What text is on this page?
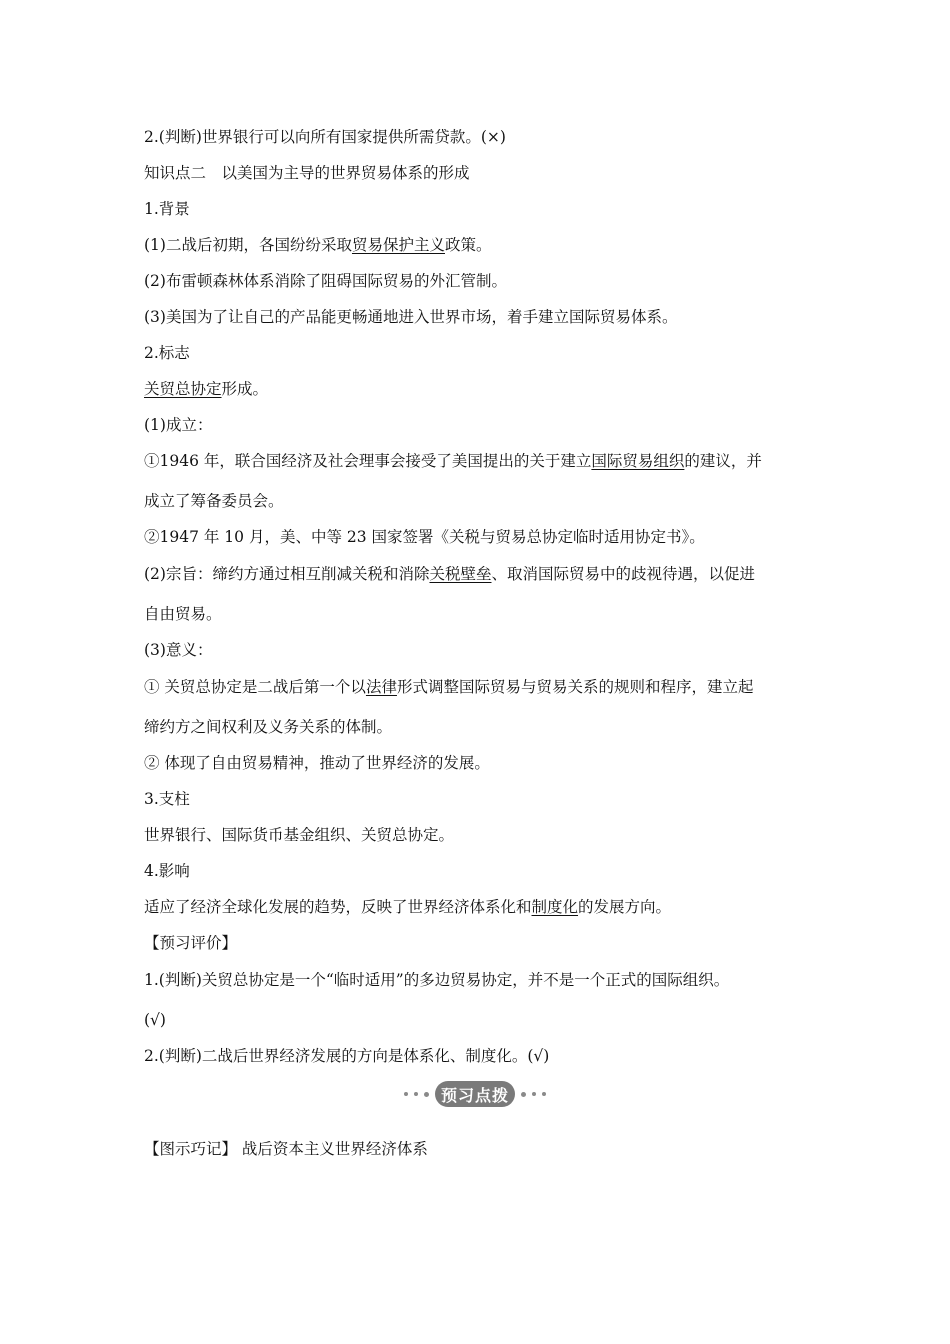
2.(判断)世界银行可以向所有国家提供所需贷款。(×)
知识点二　以美国为主导的世界贸易体系的形成
1.背景
(1)二战后初期，各国纷纷采取贸易保护主义政策。
(2)布雷顿森林体系消除了阻碍国际贸易的外汇管制。
(3)美国为了让自己的产品能更畅通地进入世界市场，着手建立国际贸易体系。
2.标志
关贸总协定形成。
(1)成立：
①1946 年，联合国经济及社会理事会接受了美国提出的关于建立国际贸易组织的建议，并
成立了筹备委员会。
②1947 年 10 月，美、中等 23 国家签署《关税与贸易总协定临时适用协定书》。
(2)宗旨：缔约方通过相互削减关税和消除关税壁垒、取消国际贸易中的歧视待遇，以促进
自由贸易。
(3)意义：
① 关贸总协定是二战后第一个以法律形式调整国际贸易与贸易关系的规则和程序，建立起
缔约方之间权利及义务关系的体制。
② 体现了自由贸易精神，推动了世界经济的发展。
3.支柱
世界银行、国际货币基金组织、关贸总协定。
4.影响
适应了经济全球化发展的趋势，反映了世界经济体系化和制度化的发展方向。
【预习评价】
1.(判断)关贸总协定是一个“临时适用”的多边贸易协定，并不是一个正式的国际组织。
(√)
2.(判断)二战后世界经济发展的方向是体系化、制度化。(√)
预习点拨
【图示巧记】 战后资本主义世界经济体系
